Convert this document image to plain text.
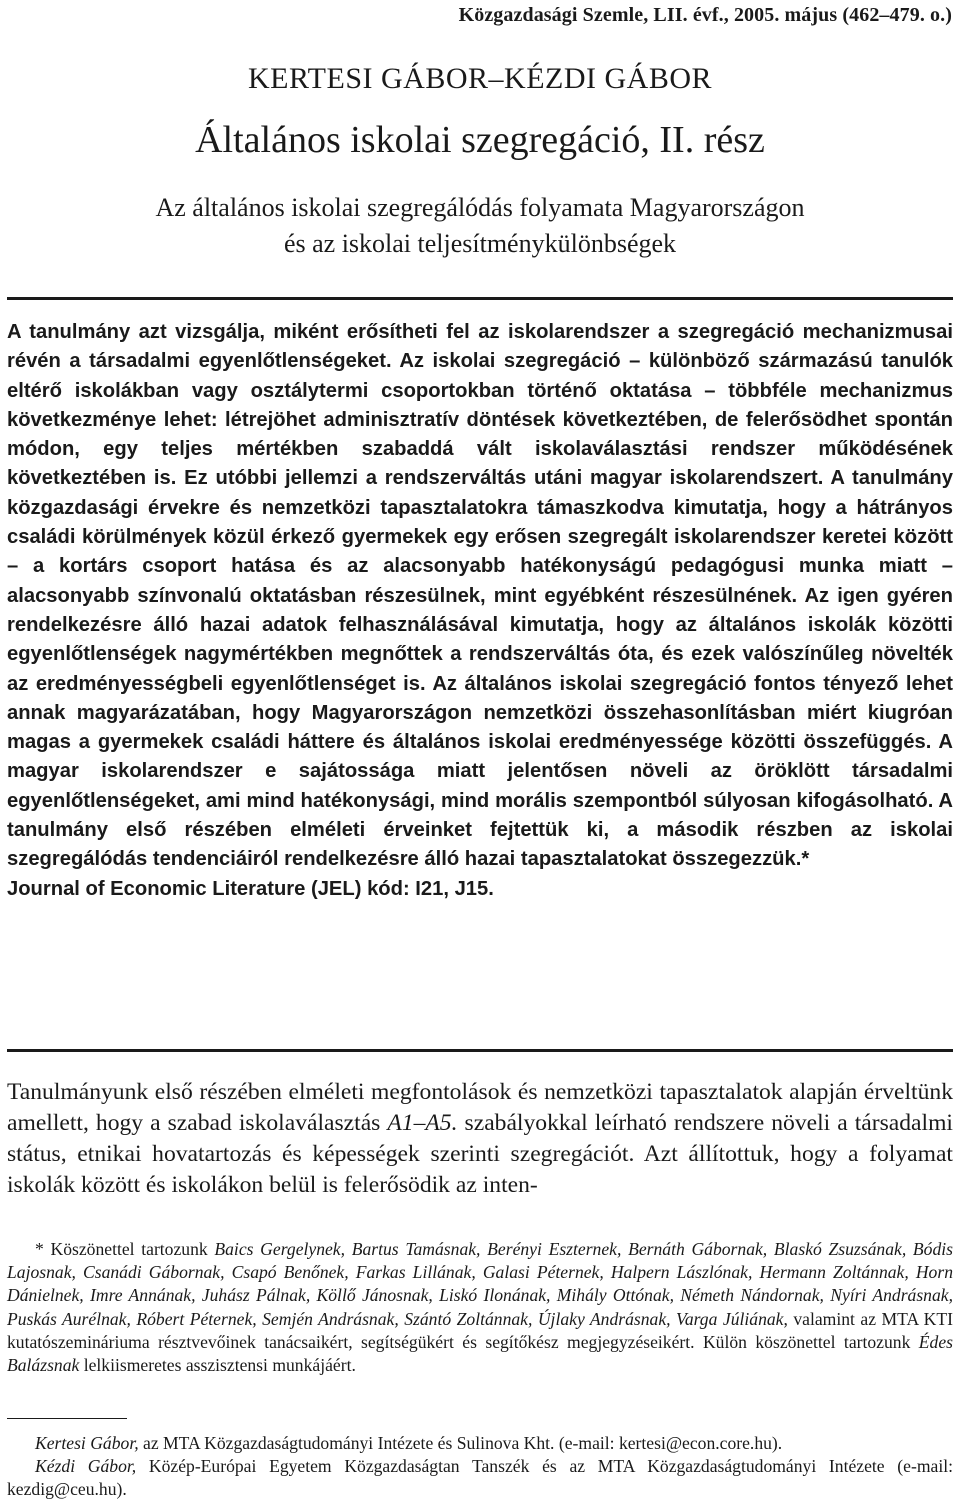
Közgazdasági Szemle, LII. évf., 2005. május (462–479. o.)
KERTESI GÁBOR–KÉZDI GÁBOR
Általános iskolai szegregáció, II. rész
Az általános iskolai szegregálódás folyamata Magyarországon
és az iskolai teljesítménykülönbségek

A tanulmány azt vizsgálja, miként erősítheti fel az iskolarendszer a szegregáció mechanizmusai révén a társadalmi egyenlőtlenségeket. Az iskolai szegregáció – különböző származású tanulók eltérő iskolákban vagy osztálytermi csoportokban történő oktatása – többféle mechanizmus következménye lehet: létrejöhet adminisztratív döntések következtében, de felerősödhet spontán módon, egy teljes mértékben szabaddá vált iskolaválasztási rendszer működésének következtében is. Ez utóbbi jellemzi a rendszerváltás utáni magyar iskolarendszert. A tanulmány közgazdasági érvekre és nemzetközi tapasztalatokra támaszkodva kimutatja, hogy a hátrányos családi körülmények közül érkező gyermekek egy erősen szegregált iskolarendszer keretei között – a kortárs csoport hatása és az alacsonyabb hatékonyságú pedagógusi munka miatt – alacsonyabb színvonalú oktatásban részesülnek, mint egyébként részesülnének. Az igen gyéren rendelkezésre álló hazai adatok felhasználásával kimutatja, hogy az általános iskolák közötti egyenlőtlenségek nagymértékben megnőttek a rendszerváltás óta, és ezek valószínűleg növelték az eredményességbeli egyenlőtlenséget is. Az általános iskolai szegregáció fontos tényező lehet annak magyarázatában, hogy Magyarországon nemzetközi összehasonlításban miért kiugróan magas a gyermekek családi háttere és általános iskolai eredményessége közötti összefüggés. A magyar iskolarendszer e sajátossága miatt jelentősen növeli az öröklött társadalmi egyenlőtlenségeket, ami mind hatékonysági, mind morális szempontból súlyosan kifogásolható. A tanulmány első részében elméleti érveinket fejtettük ki, a második részben az iskolai szegregálódás tendenciáiról rendelkezésre álló hazai tapasztalatokat összegezzük.*

Journal of Economic Literature (JEL) kód: I21, J15.

Tanulmányunk első részében elméleti megfontolások és nemzetközi tapasztalatok alapján érveltünk amellett, hogy a szabad iskolaválasztás A1–A5. szabályokkal leírható rendszere növeli a társadalmi státus, etnikai hovatartozás és képességek szerinti szegregációt. Azt állítottuk, hogy a folyamat iskolák között és iskolákon belül is felerősödik az inten-

* Köszönettel tartozunk Baics Gergelynek, Bartus Tamásnak, Berényi Eszternek, Bernáth Gábornak, Blaskó Zsuzsának, Bódis Lajosnak, Csanádi Gábornak, Csapó Benőnek, Farkas Lillának, Galasi Péternek, Halpern Lászlónak, Hermann Zoltánnak, Horn Dánielnek, Imre Annának, Juhász Pálnak, Köllő Jánosnak, Liskó Ilonának, Mihály Ottónak, Németh Nándornak, Nyíri Andrásnak, Puskás Aurélnak, Róbert Péternek, Semjén Andrásnak, Szántó Zoltánnak, Újlaky Andrásnak, Varga Júliának, valamint az MTA KTI kutatószemináriuma résztvevőinek tanácsaikért, segítségükért és segítőkész megjegyzéseikért. Külön köszönettel tartozunk Édes Balázsnak lelkiismeretes asszisztensi munkájáért.

Kertesi Gábor, az MTA Közgazdaságtudományi Intézete és Sulinova Kht. (e-mail: kertesi@econ.core.hu).

Kézdi Gábor, Közép-Európai Egyetem Közgazdaságtan Tanszék és az MTA Közgazdaságtudományi Intézete (e-mail: kezdig@ceu.hu).
